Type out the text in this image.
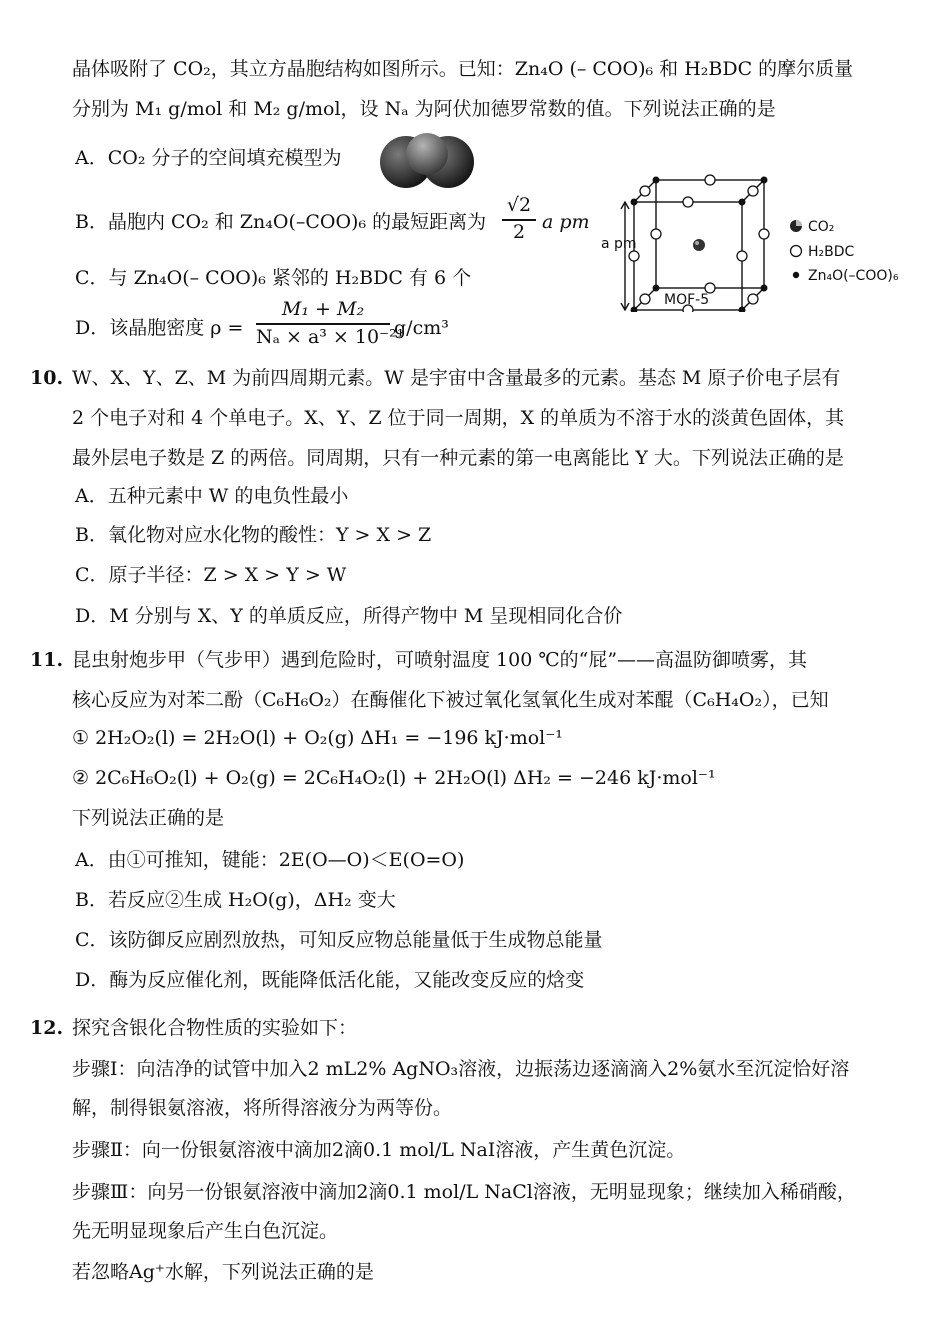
晶体吸附了 CO₂，其立方晶胞结构如图所示。已知：Zn₄O (– COO)₆ 和 H₂BDC 的摩尔质量
分别为 M₁ g/mol 和 M₂ g/mol，设 Nₐ 为阿伏加德罗常数的值。下列说法正确的是
A．CO₂ 分子的空间填充模型为
B．晶胞内 CO₂ 和 Zn₄O(–COO)₆ 的最短距离为
√2
2 a pm
C．与 Zn₄O(– COO)₆ 紧邻的 H₂BDC 有 6 个
D．该晶胞密度 ρ =
M₁ + M₂
Nₐ × a³ × 10⁻²¹
g/cm³
a pm
MOF-5
CO₂
H₂BDC
Zn₄O(–COO)₆
10. W、X、Y、Z、M 为前四周期元素。W 是宇宙中含量最多的元素。基态 M 原子价电子层有
2 个电子对和 4 个单电子。X、Y、Z 位于同一周期，X 的单质为不溶于水的淡黄色固体，其
最外层电子数是 Z 的两倍。同周期，只有一种元素的第一电离能比 Y 大。下列说法正确的是
A．五种元素中 W 的电负性最小
B．氧化物对应水化物的酸性：Y > X > Z
C．原子半径：Z > X > Y > W
D．M 分别与 X、Y 的单质反应，所得产物中 M 呈现相同化合价
11. 昆虫射炮步甲（气步甲）遇到危险时，可喷射温度 100 ℃的“屁”——高温防御喷雾，其
核心反应为对苯二酚（C₆H₆O₂）在酶催化下被过氧化氢氧化生成对苯醌（C₆H₄O₂），已知
① 2H₂O₂(l) = 2H₂O(l) + O₂(g) ΔH₁ = −196 kJ·mol⁻¹
② 2C₆H₆O₂(l) + O₂(g) = 2C₆H₄O₂(l) + 2H₂O(l) ΔH₂ = −246 kJ·mol⁻¹
下列说法正确的是
A．由①可推知，键能：2E(O—O)＜E(O=O)
B．若反应②生成 H₂O(g)，ΔH₂ 变大
C．该防御反应剧烈放热，可知反应物总能量低于生成物总能量
D．酶为反应催化剂，既能降低活化能，又能改变反应的焓变
12. 探究含银化合物性质的实验如下：
步骤Ⅰ：向洁净的试管中加入2 mL2% AgNO₃溶液，边振荡边逐滴滴入2%氨水至沉淀恰好溶
解，制得银氨溶液，将所得溶液分为两等份。
步骤Ⅱ：向一份银氨溶液中滴加2滴0.1 mol/L NaI溶液，产生黄色沉淀。
步骤Ⅲ：向另一份银氨溶液中滴加2滴0.1 mol/L NaCl溶液，无明显现象；继续加入稀硝酸，
先无明显现象后产生白色沉淀。
若忽略Ag⁺水解，下列说法正确的是
